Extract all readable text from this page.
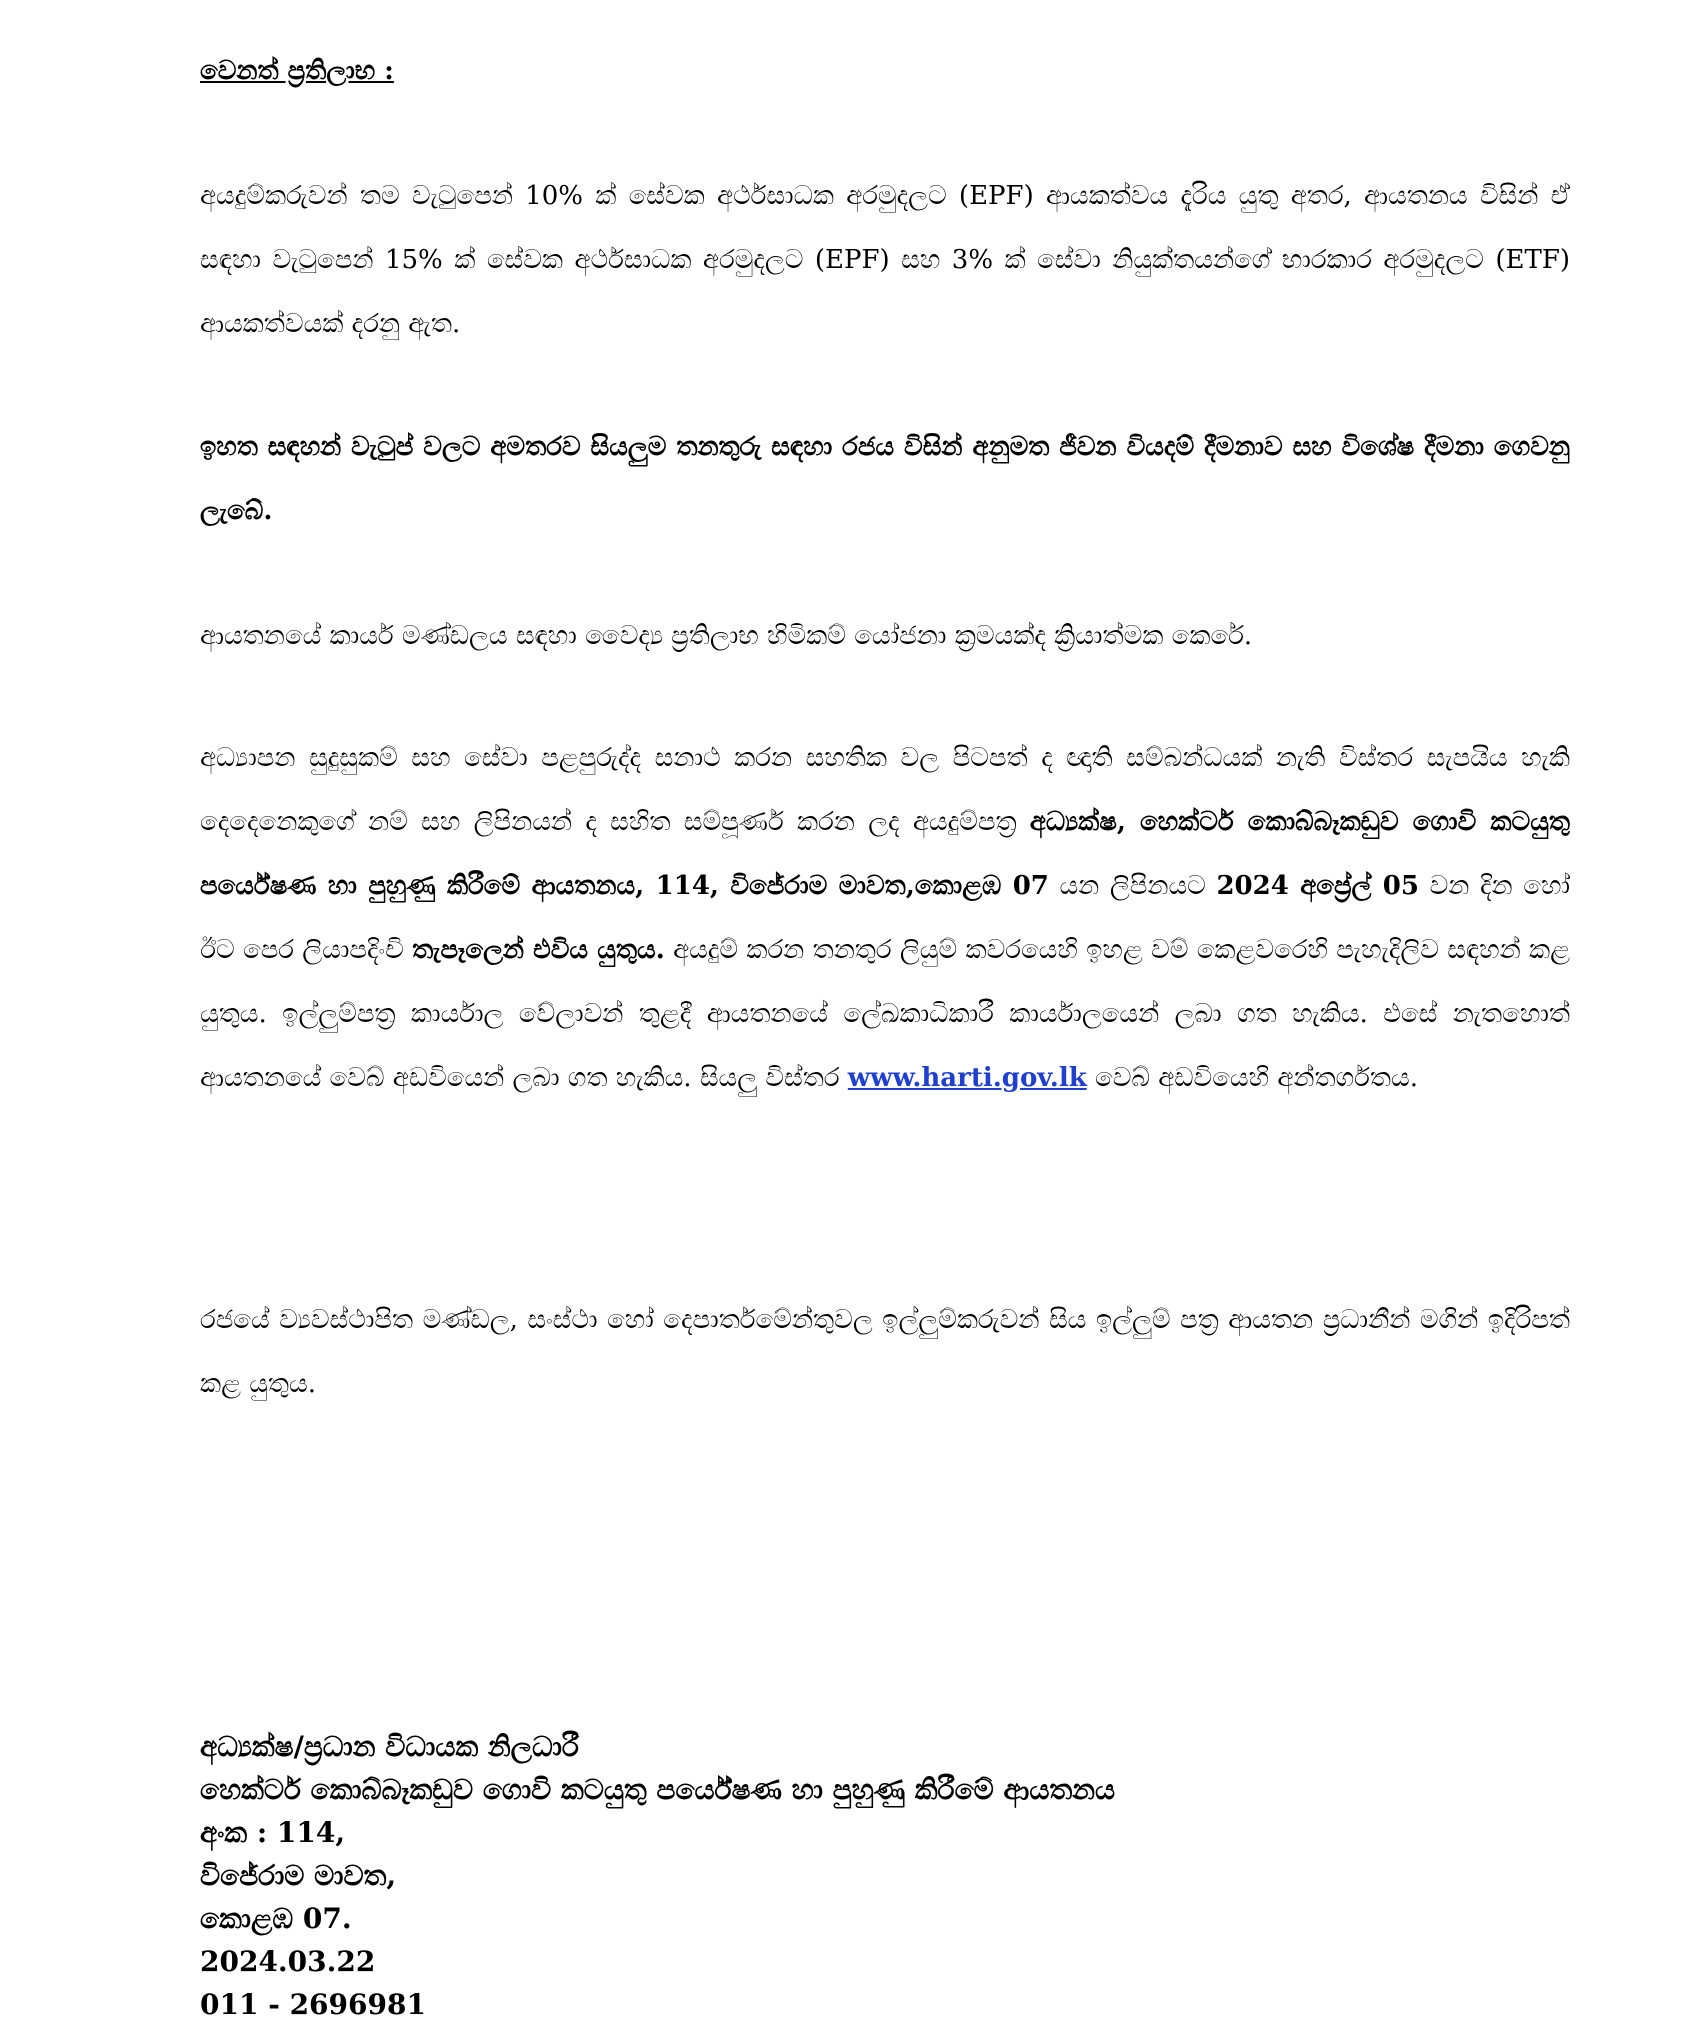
වෙනත් ප්‍රතිලාභ :
අයදුම්කරුවන් තම වැටුපෙන් 10% ක් සේවක අර්ථසාධක අරමුදලට (EPF) ආයකත්වය දැරිය යුතු අතර, ආයතනය විසින් ඒ සඳහා වැටුපෙන් 15% ක් සේවක අර්ථසාධක අරමුදලට (EPF) සහ 3% ක් සේවා නියුක්තයන්ගේ භාරකාර අරමුදලට (ETF) ආයකත්වයක් දරනු ඇත.
ඉහත සඳහන් වැටුප් වලට අමතරව සියලුම තනතුරු සඳහා රජය විසින් අනුමත ජීවන වියදම් දීමනාව සහ විශේෂ දීමනා ගෙවනු ලැබේ.
ආයතනයේ කාර්ය මණ්ඩලය සඳහා වෛද්‍ය ප්‍රතිලාභ හිමිකම් යෝජනා ක්‍රමයක්ද ක්‍රියාත්මක කෙරේ.
අධ්‍යාපන සුදුසුකම් සහ සේවා පළපුරුද්ද සනාථ කරන සහතික වල පිටපත් ද ඥාති සම්බන්ධයක් නැති විස්තර සැපයිය හැකි දෙදෙනෙකුගේ නම් සහ ලිපිනයන් ද සහිත සම්පූර්ණ කරන ලද අයදුම්පත්‍ර අධ්‍යක්ෂ, හෙක්ටර් කොබ්බෑකඩුව ගොවි කටයුතු පර්යේෂණ හා පුහුණු කිරීමේ ආයතනය, 114, විජේරාම මාවත,කොළඹ 07 යන ලිපිනයට 2024 අප්‍රේල් 05 වන දින හෝ ඊට පෙර ලියාපදිංචි තැපෑලෙන් එවිය යුතුය. අයදුම් කරන තනතුර ලියුම් කවරයෙහි ඉහළ වම් කෙළවරෙහි පැහැදිලිව සඳහන් කළ යුතුය. ඉල්ලුම්පත්‍ර කාර්යාල වේලාවන් තුළදී ආයතනයේ ලේඛකාධිකාරී කාර්යාලයෙන් ලබා ගත හැකිය. එසේ නැතහොත් ආයතනයේ වෙබ් අඩවියෙන් ලබා ගත හැකිය. සියලු විස්තර www.harti.gov.lk වෙබ් අඩවියෙහි අන්තර්ගතය.
රජයේ ව්‍යවස්ථාපිත මණ්ඩල, සංස්ථා හෝ දෙපාර්තමේන්තුවල ඉල්ලුම්කරුවන් සිය ඉල්ලුම් පත්‍ර ආයතන ප්‍රධානීන් මගින් ඉදිරිපත් කළ යුතුය.
අධ්‍යක්ෂ/ප්‍රධාන විධායක නිලධාරී
හෙක්ටර් කොබ්බෑකඩුව ගොවි කටයුතු පර්යේෂණ හා පුහුණු කිරීමේ ආයතනය
අංක : 114,
විජේරාම මාවත,
කොළඹ 07.
2024.03.22
011 - 2696981
